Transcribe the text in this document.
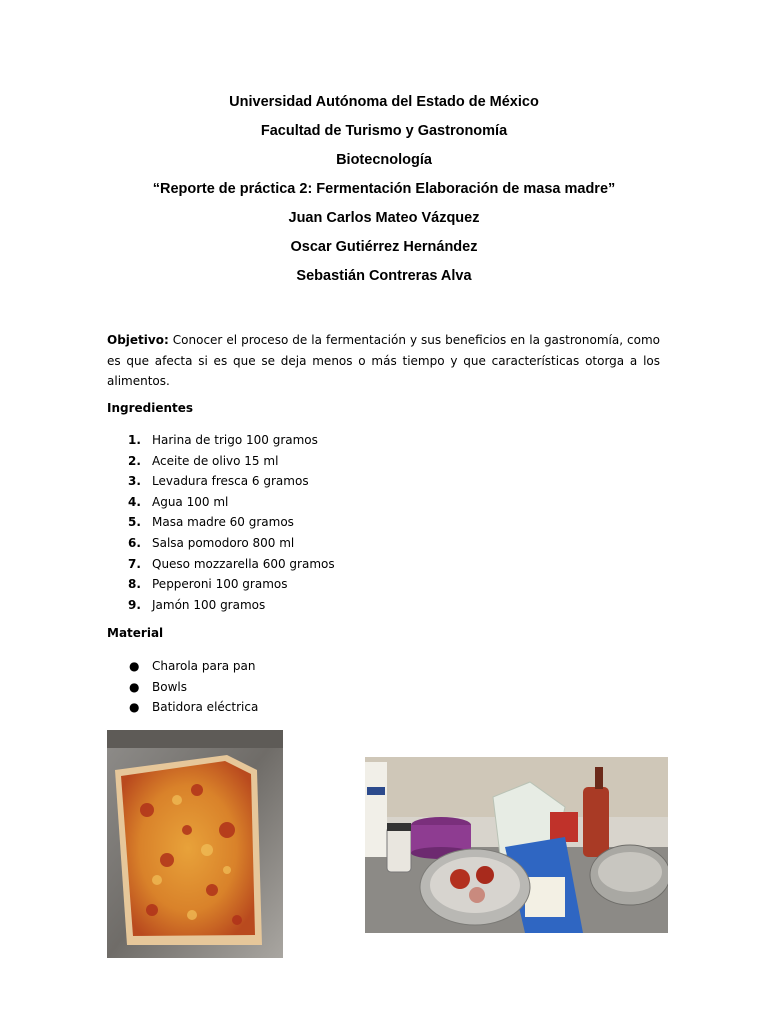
Universidad Autónoma del Estado de México
Facultad de Turismo y Gastronomía
Biotecnología
“Reporte de práctica 2: Fermentación Elaboración de masa madre”
Juan Carlos Mateo Vázquez
Oscar Gutiérrez Hernández
Sebastián Contreras Alva
Objetivo: Conocer el proceso de la fermentación y sus beneficios en la gastronomía, como es que afecta si es que se deja menos o más tiempo y que características otorga a los alimentos.
Ingredientes
1. Harina de trigo 100 gramos
2. Aceite de olivo 15 ml
3. Levadura fresca 6 gramos
4. Agua 100 ml
5. Masa madre 60 gramos
6. Salsa pomodoro 800 ml
7. Queso mozzarella 600 gramos
8. Pepperoni 100 gramos
9. Jamón 100 gramos
Material
● Charola para pan
● Bowls
● Batidora eléctrica
